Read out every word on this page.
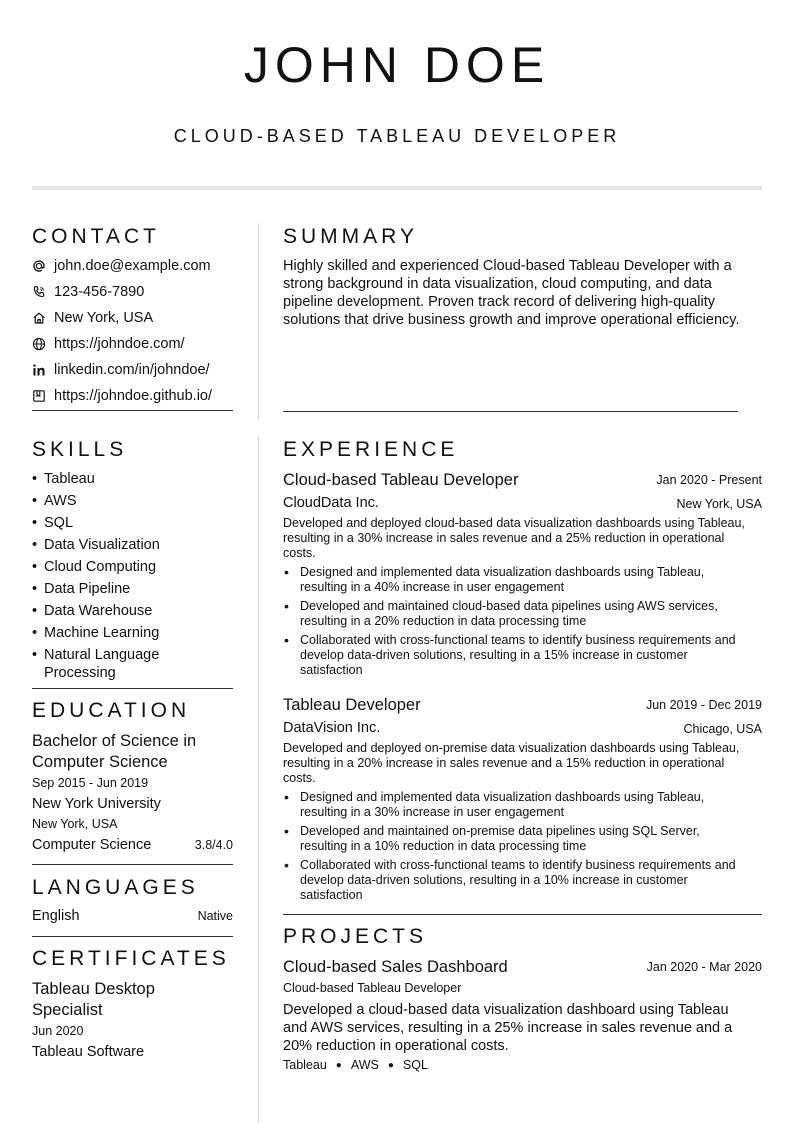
JOHN DOE
CLOUD-BASED TABLEAU DEVELOPER
CONTACT
john.doe@example.com
123-456-7890
New York, USA
https://johndoe.com/
linkedin.com/in/johndoe/
https://johndoe.github.io/
SKILLS
• Tableau
• AWS
• SQL
• Data Visualization
• Cloud Computing
• Data Pipeline
• Data Warehouse
• Machine Learning
• Natural Language Processing
EDUCATION
Bachelor of Science in
Computer Science
Sep 2015 - Jun 2019
New York University
New York, USA
Computer Science	3.8/4.0
LANGUAGES
English	Native
CERTIFICATES
Tableau Desktop
Specialist
Jun 2020
Tableau Software
SUMMARY
Highly skilled and experienced Cloud-based Tableau Developer with a
strong background in data visualization, cloud computing, and data
pipeline development. Proven track record of delivering high-quality
solutions that drive business growth and improve operational efficiency.
EXPERIENCE
Cloud-based Tableau Developer	Jan 2020 - Present
CloudData Inc.	New York, USA
Developed and deployed cloud-based data visualization dashboards using Tableau,
resulting in a 30% increase in sales revenue and a 25% reduction in operational
costs.
• Designed and implemented data visualization dashboards using Tableau,
resulting in a 40% increase in user engagement
• Developed and maintained cloud-based data pipelines using AWS services,
resulting in a 20% reduction in data processing time
• Collaborated with cross-functional teams to identify business requirements and
develop data-driven solutions, resulting in a 15% increase in customer
satisfaction
Tableau Developer	Jun 2019 - Dec 2019
DataVision Inc.	Chicago, USA
Developed and deployed on-premise data visualization dashboards using Tableau,
resulting in a 20% increase in sales revenue and a 15% reduction in operational
costs.
• Designed and implemented data visualization dashboards using Tableau,
resulting in a 30% increase in user engagement
• Developed and maintained on-premise data pipelines using SQL Server,
resulting in a 10% reduction in data processing time
• Collaborated with cross-functional teams to identify business requirements and
develop data-driven solutions, resulting in a 10% increase in customer
satisfaction
PROJECTS
Cloud-based Sales Dashboard	Jan 2020 - Mar 2020
Cloud-based Tableau Developer
Developed a cloud-based data visualization dashboard using Tableau
and AWS services, resulting in a 25% increase in sales revenue and a
20% reduction in operational costs.
Tableau ● AWS ● SQL
